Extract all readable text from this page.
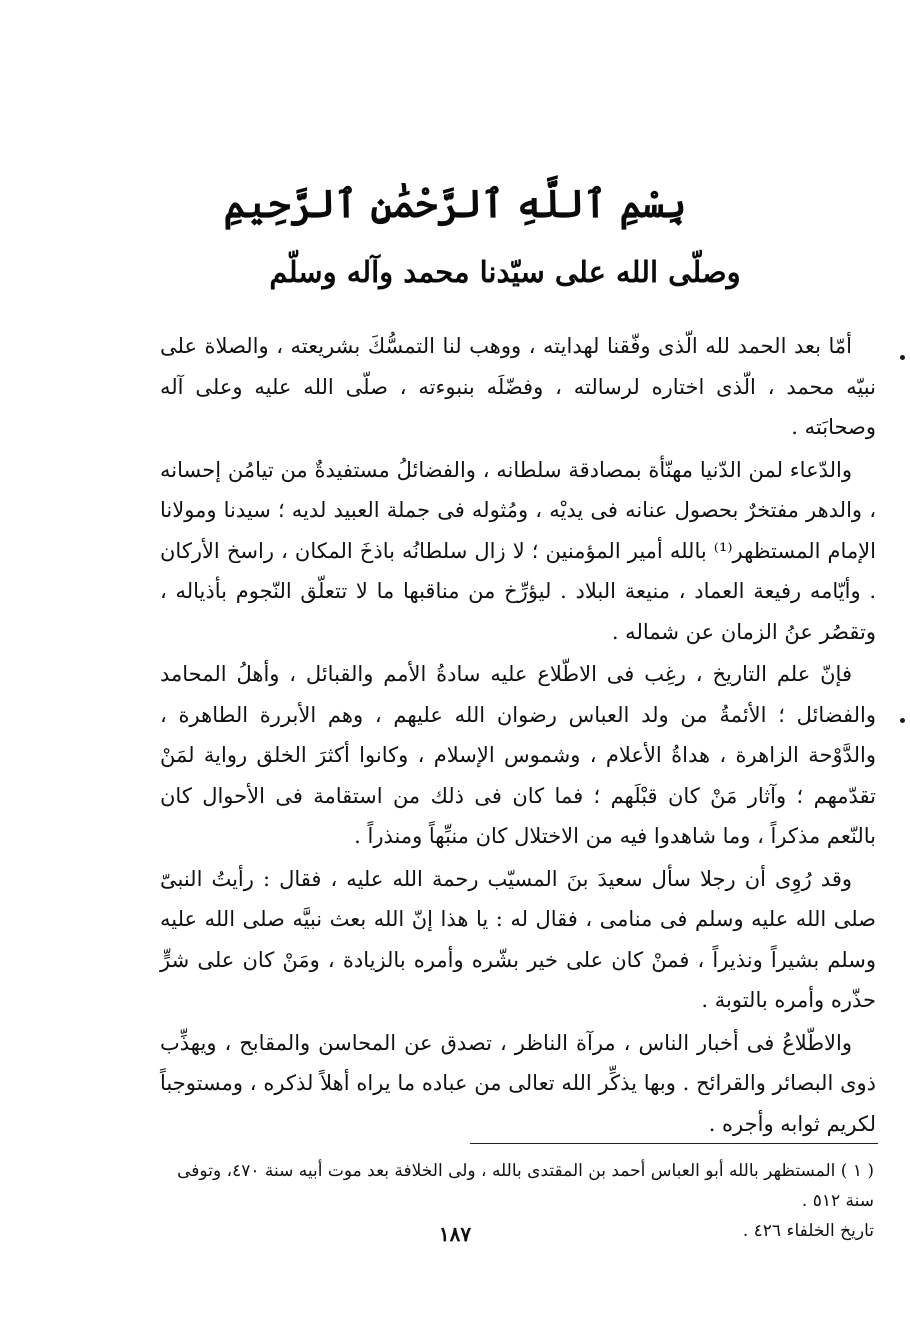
بِسْمِ ٱللَّهِ ٱلرَّحْمَٰنِ ٱلرَّحِيمِ
وصلّى الله على سيّدنا محمد وآله وسلّم

أمّا بعد الحمد لله الّذى وفّقنا لهدايته ، ووهب لنا التمسُّكَ بشريعته ، والصلاة على نبيّه محمد ، الّذى اختاره لرسالته ، وفضّلَه بنبوءته ، صلّى الله عليه وعلى آله وصحابَته .

والدّعاء لمن الدّنيا مهنّأة بمصادقة سلطانه ، والفضائلُ مستفيدةٌ من تيامُن إحسانه ، والدهر مفتخرٌ بحصول عنانه فى يديْه ، ومُثوله فى جملة العبيد لديه ؛ سيدنا ومولانا الإمام المستظهر⁽¹⁾ بالله أمير المؤمنين ؛ لا زال سلطانُه باذخَ المكان ، راسخ الأركان . وأيّامه رفيعة العماد ، منيعة البلاد . ليؤرِّخ من مناقبها ما لا تتعلّق النّجوم بأذياله ، وتقصُر عنُ الزمان عن شماله .

فإنّ علم التاريخ ، رغِب فى الاطّلاع عليه سادةُ الأمم والقبائل ، وأهلُ المحامد والفضائل ؛ الأئمةُ من ولد العباس رضوان الله عليهم ، وهم الأبررة الطاهرة ، والدَّوْحة الزاهرة ، هداةُ الأعلام ، وشموس الإسلام ، وكانوا أكثرَ الخلق رواية لمَنْ تقدّمهم ؛ وآثار مَنْ كان قبْلَهم ؛ فما كان فى ذلك من استقامة فى الأحوال كان بالنّعم مذكراً ، وما شاهدوا فيه من الاختلال كان منبِّهاً ومنذراً .

وقد رُوِى أن رجلا سأل سعيدَ بنَ المسيّب رحمة الله عليه ، فقال : رأيتُ النبىّ صلى الله عليه وسلم فى منامى ، فقال له : يا هذا إنّ الله بعث نبيَّه صلى الله عليه وسلم بشيراً ونذيراً ، فمنْ كان على خير بشّره وأمره بالزيادة ، ومَنْ كان على شرٍّ حذّره وأمره بالتوبة .

والاطّلاعُ فى أخبار الناس ، مرآة الناظر ، تصدق عن المحاسن والمقابح ، ويهذِّب ذوى البصائر والقرائح . وبها يذكِّر الله تعالى من عباده ما يراه أهلاً لذكره ، ومستوجباً لكريم ثوابه وأجره .

( ١ ) المستظهر بالله أبو العباس أحمد بن المقتدى بالله ، ولى الخلافة بعد موت أبيه سنة ٤٧٠، وتوفى سنة ٥١٢ .
تاريخ الخلفاء ٤٢٦ .
١٨٧
